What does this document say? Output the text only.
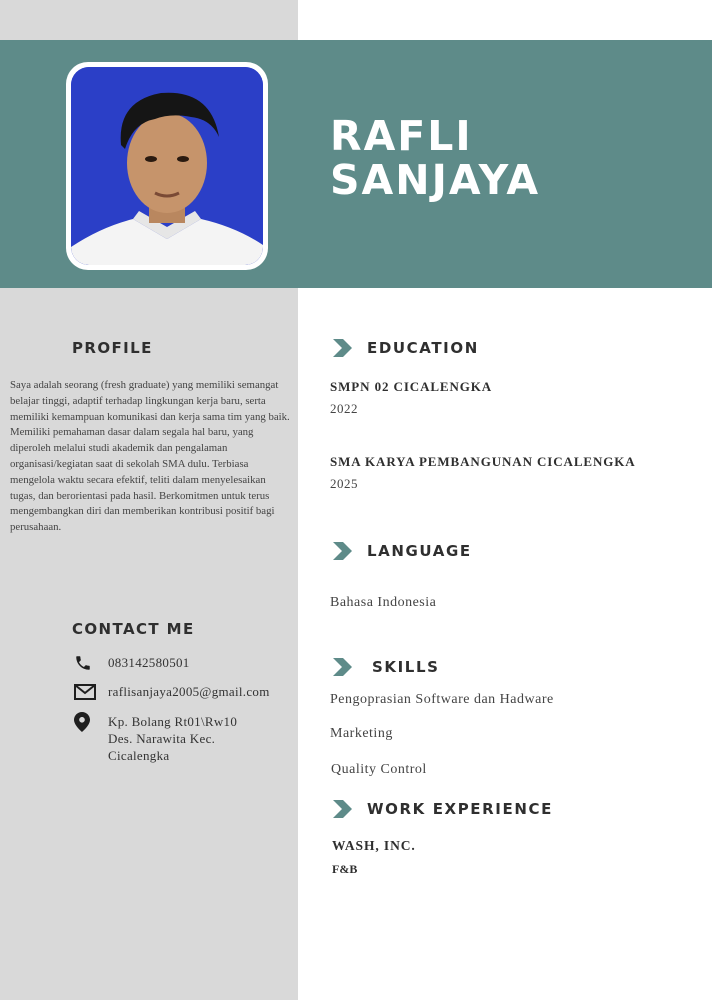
RAFLI
SANJAYA
PROFILE

Saya adalah seorang (fresh graduate) yang memiliki semangat belajar tinggi, adaptif terhadap lingkungan kerja baru, serta memiliki kemampuan komunikasi dan kerja sama tim yang baik. Memiliki pemahaman dasar dalam segala hal baru, yang diperoleh melalui studi akademik dan pengalaman organisasi/kegiatan saat di sekolah SMA dulu. Terbiasa mengelola waktu secara efektif, teliti dalam menyelesaikan tugas, dan berorientasi pada hasil. Berkomitmen untuk terus mengembangkan diri dan memberikan kontribusi positif bagi perusahaan.

CONTACT ME
083142580501
raflisanjaya2005@gmail.com
Kp. Bolang Rt01\Rw10
Des. Narawita Kec.
Cicalengka
EDUCATION
SMPN 02 CICALENGKA
2022
SMA KARYA PEMBANGUNAN CICALENGKA
2025
LANGUAGE
Bahasa Indonesia
SKILLS
Pengoprasian Software dan Hadware
Marketing
Quality Control
WORK EXPERIENCE
WASH, INC.
F&B
